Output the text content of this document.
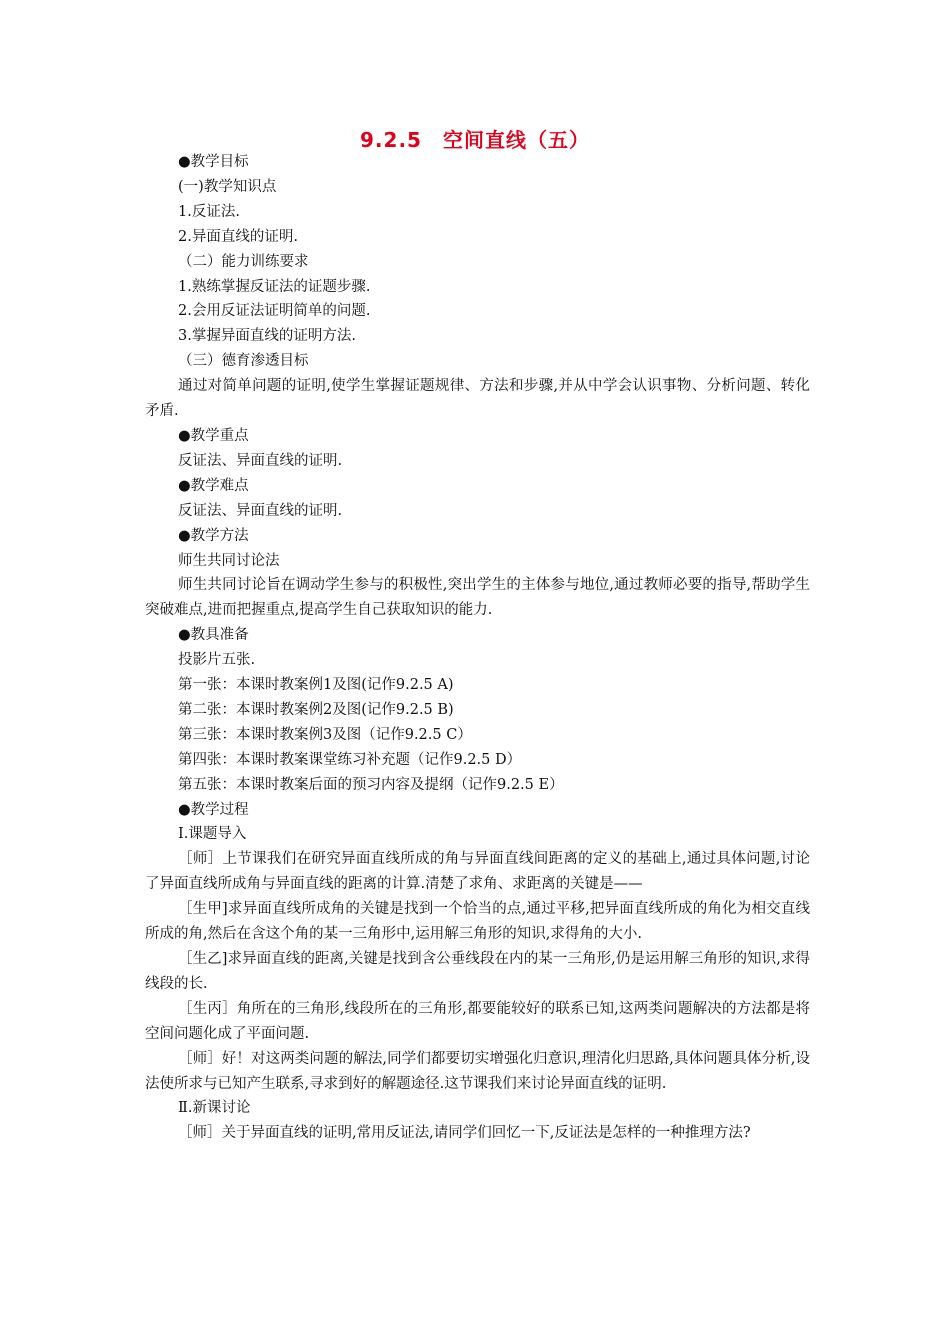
9.2.5　空间直线（五）
●教学目标
(一)教学知识点
1.反证法.
2.异面直线的证明.
（二）能力训练要求
1.熟练掌握反证法的证题步骤.
2.会用反证法证明简单的问题.
3.掌握异面直线的证明方法.
（三）德育渗透目标
通过对简单问题的证明,使学生掌握证题规律、方法和步骤,并从中学会认识事物、分析问题、转化矛盾.
●教学重点
反证法、异面直线的证明.
●教学难点
反证法、异面直线的证明.
●教学方法
师生共同讨论法
师生共同讨论旨在调动学生参与的积极性,突出学生的主体参与地位,通过教师必要的指导,帮助学生突破难点,进而把握重点,提高学生自己获取知识的能力.
●教具准备
投影片五张.
第一张：本课时教案例1及图(记作9.2.5 A)
第二张：本课时教案例2及图(记作9.2.5 B)
第三张：本课时教案例3及图（记作9.2.5 C）
第四张：本课时教案课堂练习补充题（记作9.2.5 D）
第五张：本课时教案后面的预习内容及提纲（记作9.2.5 E）
●教学过程
Ⅰ.课题导入
［师］上节课我们在研究异面直线所成的角与异面直线间距离的定义的基础上,通过具体问题,讨论了异面直线所成角与异面直线的距离的计算.清楚了求角、求距离的关键是——
［生甲]求异面直线所成角的关键是找到一个恰当的点,通过平移,把异面直线所成的角化为相交直线所成的角,然后在含这个角的某一三角形中,运用解三角形的知识,求得角的大小.
［生乙]求异面直线的距离,关键是找到含公垂线段在内的某一三角形,仍是运用解三角形的知识,求得线段的长.
［生丙］角所在的三角形,线段所在的三角形,都要能较好的联系已知,这两类问题解决的方法都是将空间问题化成了平面问题.
［师］好！对这两类问题的解法,同学们都要切实增强化归意识,理清化归思路,具体问题具体分析,设法使所求与已知产生联系,寻求到好的解题途径.这节课我们来讨论异面直线的证明.
Ⅱ.新课讨论
［师］关于异面直线的证明,常用反证法,请同学们回忆一下,反证法是怎样的一种推理方法?
